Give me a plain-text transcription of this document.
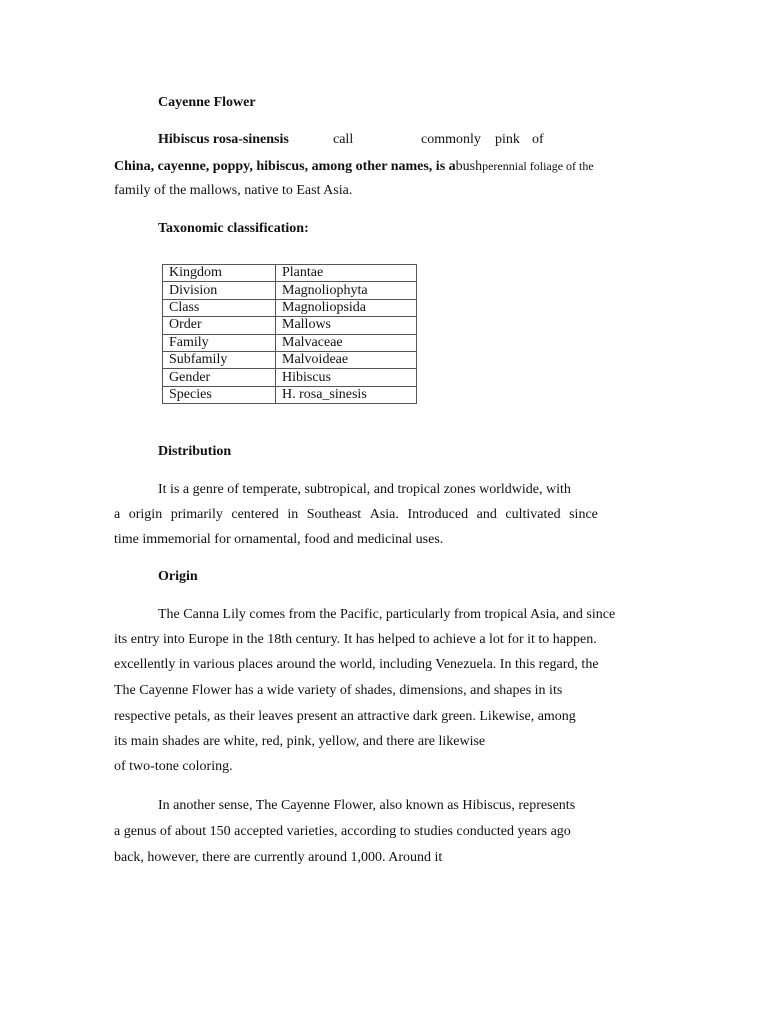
Cayenne Flower
Hibiscus rosa-sinensis	call	commonly pink of
China, cayenne, poppy, hibiscus, among other names, is abushperennial foliage of the
family of the mallows, native to East Asia.
Taxonomic classification:
Kingdom	Plantae
Division	Magnoliophyta
Class	Magnoliopsida
Order	Mallows
Family	Malvaceae
Subfamily	Malvoideae
Gender	Hibiscus
Species	H. rosa_sinesis
Distribution
It is a genre of temperate, subtropical, and tropical zones worldwide, with
a origin primarily centered in Southeast Asia. Introduced and cultivated since
time immemorial for ornamental, food and medicinal uses.
Origin
The Canna Lily comes from the Pacific, particularly from tropical Asia, and since
its entry into Europe in the 18th century. It has helped to achieve a lot for it to happen.
excellently in various places around the world, including Venezuela. In this regard, the
The Cayenne Flower has a wide variety of shades, dimensions, and shapes in its
respective petals, as their leaves present an attractive dark green. Likewise, among
its main shades are white, red, pink, yellow, and there are likewise
of two-tone coloring.
In another sense, The Cayenne Flower, also known as Hibiscus, represents
a genus of about 150 accepted varieties, according to studies conducted years ago
back, however, there are currently around 1,000. Around it
